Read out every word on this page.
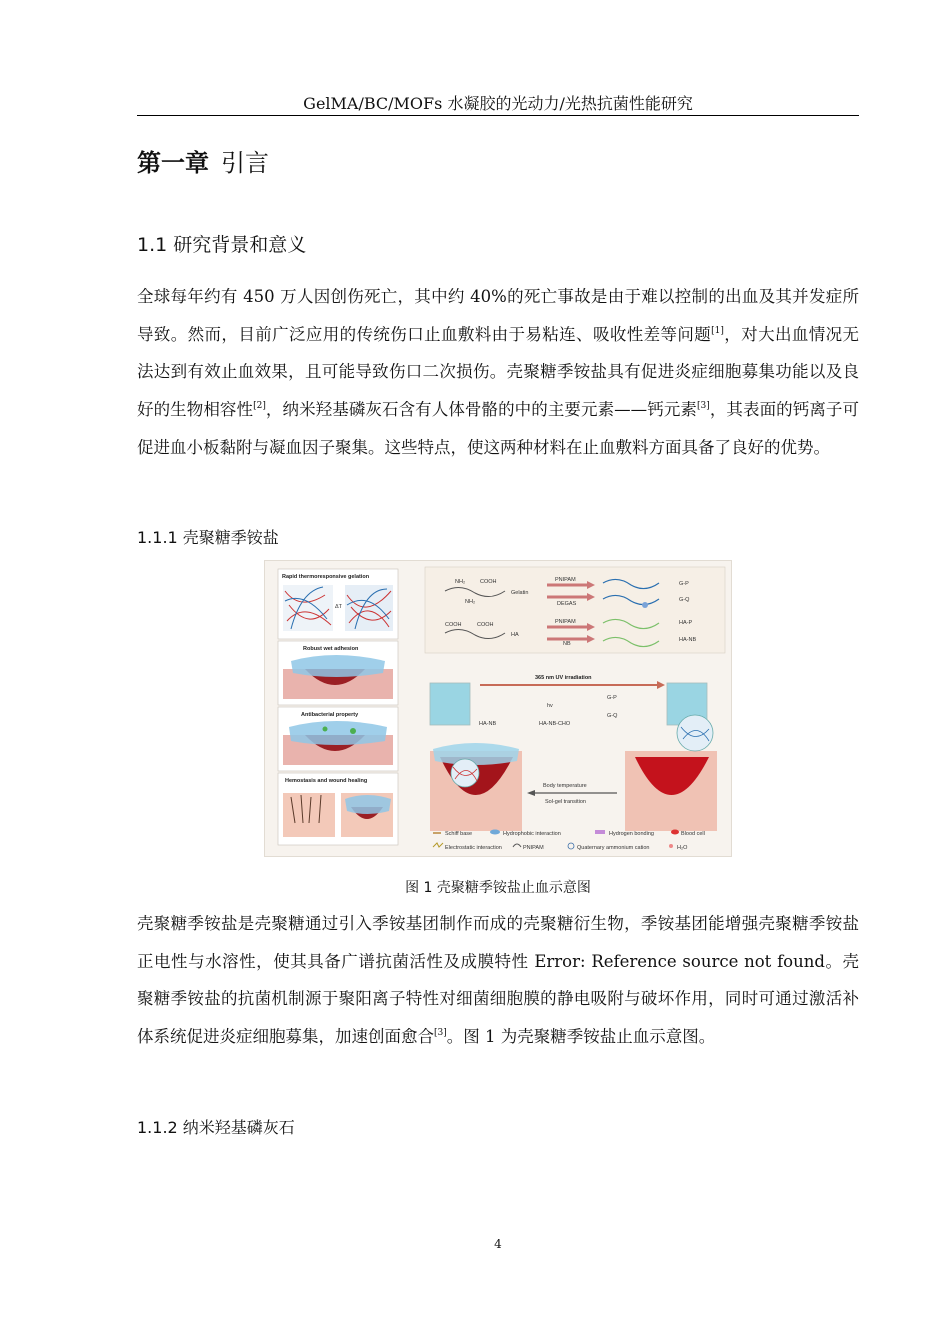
GelMA/BC/MOFs 水凝胶的光动力/光热抗菌性能研究
第一章 引言
1.1 研究背景和意义

全球每年约有 450 万人因创伤死亡，其中约 40%的死亡事故是由于难以控制的出血及其并发症所导致。然而，目前广泛应用的传统伤口止血敷料由于易粘连、吸收性差等问题[1]，对大出血情况无法达到有效止血效果，且可能导致伤口二次损伤。壳聚糖季铵盐具有促进炎症细胞募集功能以及良好的生物相容性[2]，纳米羟基磷灰石含有人体骨骼的中的主要元素——钙元素[3]，其表面的钙离子可促进血小板黏附与凝血因子聚集。这些特点，使这两种材料在止血敷料方面具备了良好的优势。

1.1.1 壳聚糖季铵盐
Rapid thermoresponsive gelation
ΔT
Robust wet adhesion
Antibacterial property
Hemostasis and wound healing
NH₂	COOH
NH₂
Gelatin
COOH	COOH
HA
PNIPAM
DEGAS
PNIPAM
NB
G-P
G-Q
HA-P
HA-NB
365 nm UV irradiation
hv
HA-NB	HA-NB-CHO
G-P
G-Q
Body temperature
Sol-gel transition
Schiff base	Hydrophobic interaction	Hydrogen bonding	Blood cell
Electrostatic interaction	PNIPAM	Quaternary ammonium cation	H₂O
图 1 壳聚糖季铵盐止血示意图

壳聚糖季铵盐是壳聚糖通过引入季铵基团制作而成的壳聚糖衍生物，季铵基团能增强壳聚糖季铵盐正电性与水溶性，使其具备广谱抗菌活性及成膜特性 Error: Reference source not found。壳聚糖季铵盐的抗菌机制源于聚阳离子特性对细菌细胞膜的静电吸附与破坏作用，同时可通过激活补体系统促进炎症细胞募集，加速创面愈合[3]。图 1 为壳聚糖季铵盐止血示意图。

1.1.2 纳米羟基磷灰石
4
